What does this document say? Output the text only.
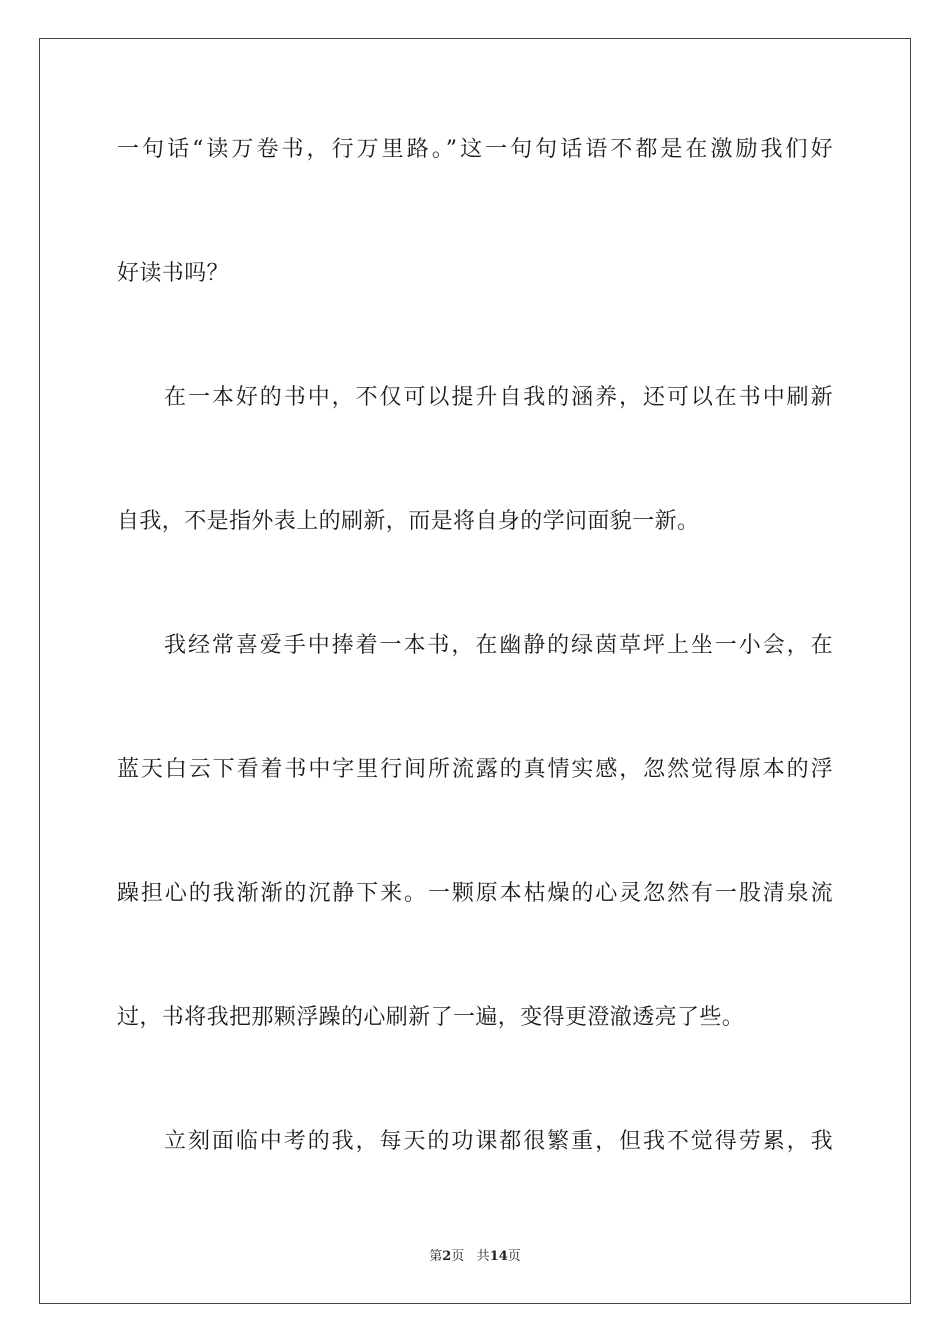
一句话“读万卷书，行万里路。”这一句句话语不都是在激励我们好
好读书吗？
在一本好的书中，不仅可以提升自我的涵养，还可以在书中刷新
自我，不是指外表上的刷新，而是将自身的学问面貌一新。
我经常喜爱手中捧着一本书，在幽静的绿茵草坪上坐一小会，在
蓝天白云下看着书中字里行间所流露的真情实感，忽然觉得原本的浮
躁担心的我渐渐的沉静下来。一颗原本枯燥的心灵忽然有一股清泉流
过，书将我把那颗浮躁的心刷新了一遍，变得更澄澈透亮了些。
立刻面临中考的我，每天的功课都很繁重，但我不觉得劳累，我
第2页 共14页
